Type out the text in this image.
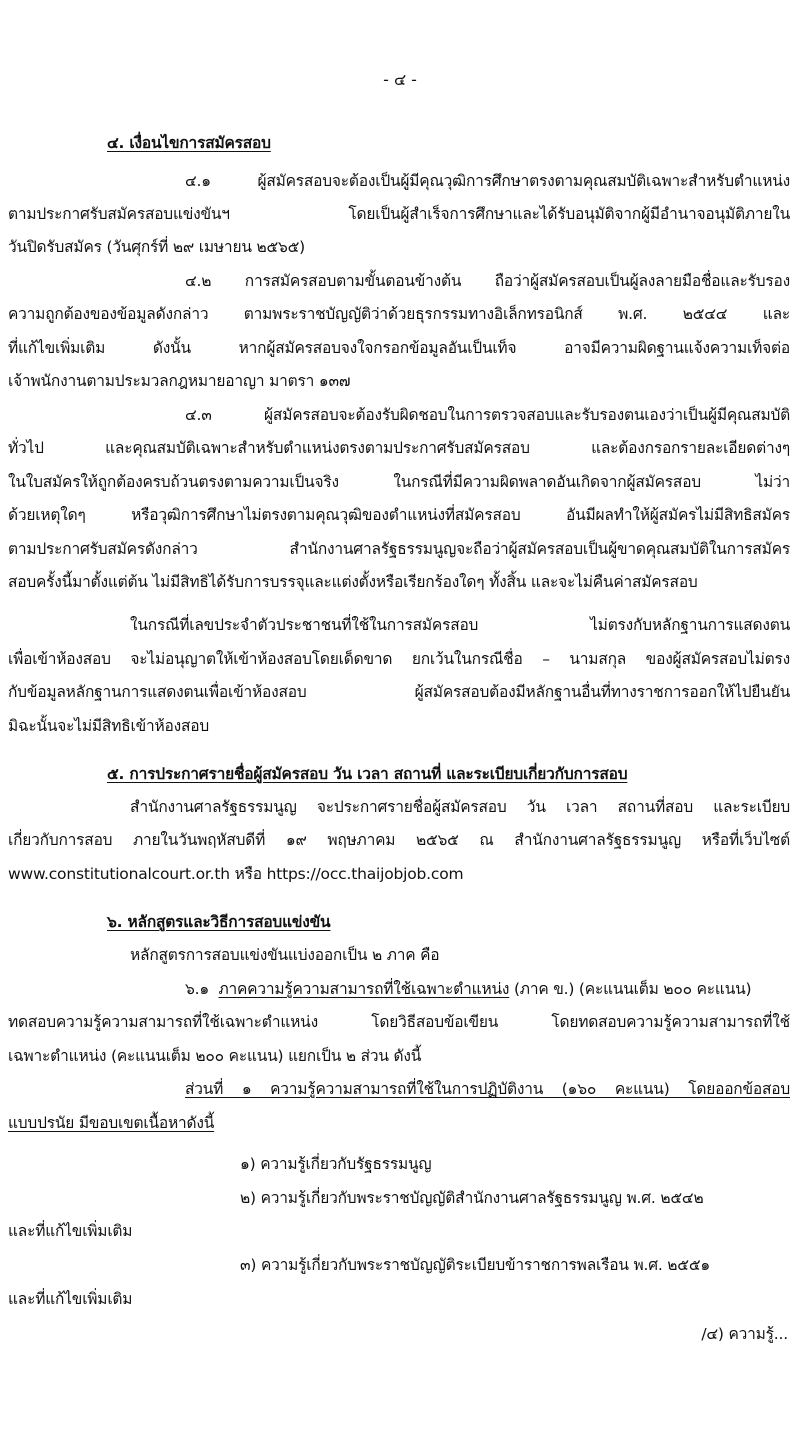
- ๔ -
๔. เงื่อนไขการสมัครสอบ
๔.๑ ผู้สมัครสอบจะต้องเป็นผู้มีคุณวุฒิการศึกษาตรงตามคุณสมบัติเฉพาะสำหรับตำแหน่ง
ตามประกาศรับสมัครสอบแข่งขันฯ โดยเป็นผู้สำเร็จการศึกษาและได้รับอนุมัติจากผู้มีอำนาจอนุมัติภายใน
วันปิดรับสมัคร (วันศุกร์ที่ ๒๙ เมษายน ๒๕๖๕)
๔.๒ การสมัครสอบตามขั้นตอนข้างต้น ถือว่าผู้สมัครสอบเป็นผู้ลงลายมือชื่อและรับรอง
ความถูกต้องของข้อมูลดังกล่าว ตามพระราชบัญญัติว่าด้วยธุรกรรมทางอิเล็กทรอนิกส์ พ.ศ. ๒๕๔๔ และ
ที่แก้ไขเพิ่มเติม ดังนั้น หากผู้สมัครสอบจงใจกรอกข้อมูลอันเป็นเท็จ อาจมีความผิดฐานแจ้งความเท็จต่อ
เจ้าพนักงานตามประมวลกฎหมายอาญา มาตรา ๑๓๗
๔.๓ ผู้สมัครสอบจะต้องรับผิดชอบในการตรวจสอบและรับรองตนเองว่าเป็นผู้มีคุณสมบัติ
ทั่วไป และคุณสมบัติเฉพาะสำหรับตำแหน่งตรงตามประกาศรับสมัครสอบ และต้องกรอกรายละเอียดต่างๆ
ในใบสมัครให้ถูกต้องครบถ้วนตรงตามความเป็นจริง ในกรณีที่มีความผิดพลาดอันเกิดจากผู้สมัครสอบ ไม่ว่า
ด้วยเหตุใดๆ หรือวุฒิการศึกษาไม่ตรงตามคุณวุฒิของตำแหน่งที่สมัครสอบ อันมีผลทำให้ผู้สมัครไม่มีสิทธิสมัคร
ตามประกาศรับสมัครดังกล่าว สำนักงานศาลรัฐธรรมนูญจะถือว่าผู้สมัครสอบเป็นผู้ขาดคุณสมบัติในการสมัคร
สอบครั้งนี้มาตั้งแต่ต้น ไม่มีสิทธิได้รับการบรรจุและแต่งตั้งหรือเรียกร้องใดๆ ทั้งสิ้น และจะไม่คืนค่าสมัครสอบ
ในกรณีที่เลขประจำตัวประชาชนที่ใช้ในการสมัครสอบ ไม่ตรงกับหลักฐานการแสดงตน
เพื่อเข้าห้องสอบ จะไม่อนุญาตให้เข้าห้องสอบโดยเด็ดขาด ยกเว้นในกรณีชื่อ – นามสกุล ของผู้สมัครสอบไม่ตรง
กับข้อมูลหลักฐานการแสดงตนเพื่อเข้าห้องสอบ ผู้สมัครสอบต้องมีหลักฐานอื่นที่ทางราชการออกให้ไปยืนยัน
มิฉะนั้นจะไม่มีสิทธิเข้าห้องสอบ
๕. การประกาศรายชื่อผู้สมัครสอบ วัน เวลา สถานที่ และระเบียบเกี่ยวกับการสอบ
สำนักงานศาลรัฐธรรมนูญ จะประกาศรายชื่อผู้สมัครสอบ วัน เวลา สถานที่สอบ และระเบียบ
เกี่ยวกับการสอบ ภายในวันพฤหัสบดีที่ ๑๙ พฤษภาคม ๒๕๖๕ ณ สำนักงานศาลรัฐธรรมนูญ หรือที่เว็บไซต์
www.constitutionalcourt.or.th หรือ https://occ.thaijobjob.com
๖. หลักสูตรและวิธีการสอบแข่งขัน
หลักสูตรการสอบแข่งขันแบ่งออกเป็น ๒ ภาค คือ
๖.๑ ภาคความรู้ความสามารถที่ใช้เฉพาะตำแหน่ง (ภาค ข.) (คะแนนเต็ม ๒๐๐ คะแนน)
ทดสอบความรู้ความสามารถที่ใช้เฉพาะตำแหน่ง โดยวิธีสอบข้อเขียน โดยทดสอบความรู้ความสามารถที่ใช้
เฉพาะตำแหน่ง (คะแนนเต็ม ๒๐๐ คะแนน) แยกเป็น ๒ ส่วน ดังนี้
ส่วนที่ ๑ ความรู้ความสามารถที่ใช้ในการปฏิบัติงาน (๑๖๐ คะแนน) โดยออกข้อสอบ
แบบปรนัย มีขอบเขตเนื้อหาดังนี้
๑) ความรู้เกี่ยวกับรัฐธรรมนูญ
๒) ความรู้เกี่ยวกับพระราชบัญญัติสำนักงานศาลรัฐธรรมนูญ พ.ศ. ๒๕๔๒
และที่แก้ไขเพิ่มเติม
๓) ความรู้เกี่ยวกับพระราชบัญญัติระเบียบข้าราชการพลเรือน พ.ศ. ๒๕๕๑
และที่แก้ไขเพิ่มเติม
/๔) ความรู้...
